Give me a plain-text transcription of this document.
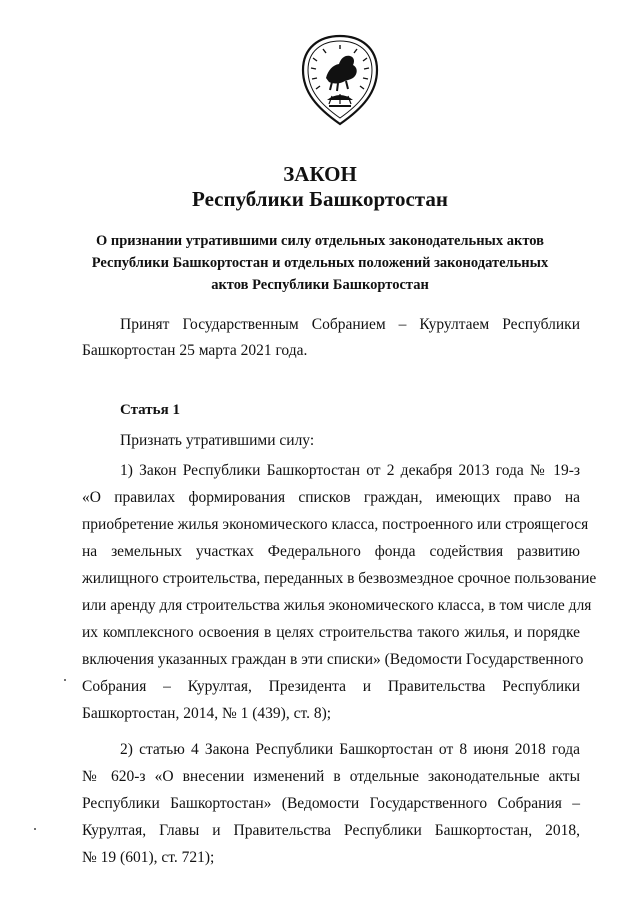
ЗАКОН
Республики Башкортостан
О признании утратившими силу отдельных законодательных актов
Республики Башкортостан и отдельных положений законодательных
актов Республики Башкортостан
Принят Государственным Собранием – Курултаем Республики
Башкортостан 25 марта 2021 года.
Статья 1
Признать утратившими силу:
1) Закон Республики Башкортостан от 2 декабря 2013 года № 19-з
«О правилах формирования списков граждан, имеющих право на
приобретение жилья экономического класса, построенного или строящегося
на земельных участках Федерального фонда содействия развитию
жилищного строительства, переданных в безвозмездное срочное пользование
или аренду для строительства жилья экономического класса, в том числе для
их комплексного освоения в целях строительства такого жилья, и порядке
включения указанных граждан в эти списки» (Ведомости Государственного
Собрания – Курултая, Президента и Правительства Республики
Башкортостан, 2014, № 1 (439), ст. 8);
2) статью 4 Закона Республики Башкортостан от 8 июня 2018 года
№ 620-з «О внесении изменений в отдельные законодательные акты
Республики Башкортостан» (Ведомости Государственного Собрания –
Курултая, Главы и Правительства Республики Башкортостан, 2018,
№ 19 (601), ст. 721);
